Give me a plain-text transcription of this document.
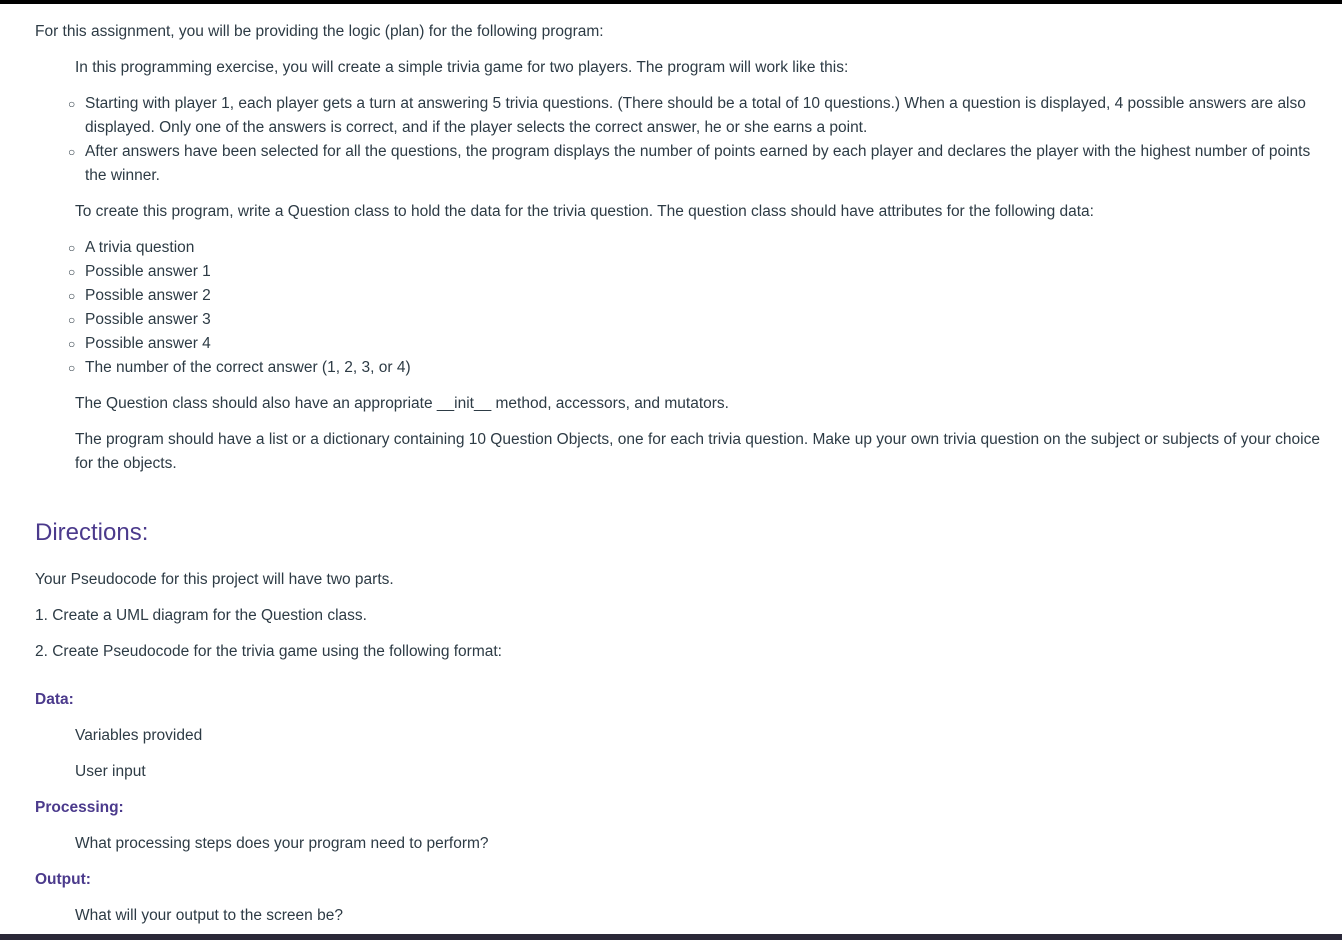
For this assignment, you will be providing the logic (plan) for the following program:

In this programming exercise, you will create a simple trivia game for two players. The program will work like this:

○ Starting with player 1, each player gets a turn at answering 5 trivia questions. (There should be a total of 10 questions.) When a question is displayed, 4 possible answers are also displayed. Only one of the answers is correct, and if the player selects the correct answer, he or she earns a point.
○ After answers have been selected for all the questions, the program displays the number of points earned by each player and declares the player with the highest number of points the winner.

To create this program, write a Question class to hold the data for the trivia question. The question class should have attributes for the following data:

○ A trivia question
○ Possible answer 1
○ Possible answer 2
○ Possible answer 3
○ Possible answer 4
○ The number of the correct answer (1, 2, 3, or 4)

The Question class should also have an appropriate __init__ method, accessors, and mutators.

The program should have a list or a dictionary containing 10 Question Objects, one for each trivia question. Make up your own trivia question on the subject or subjects of your choice for the objects.

Directions:

Your Pseudocode for this project will have two parts.

1. Create a UML diagram for the Question class.

2. Create Pseudocode for the trivia game using the following format:

Data:

Variables provided

User input

Processing:

What processing steps does your program need to perform?

Output:

What will your output to the screen be?
